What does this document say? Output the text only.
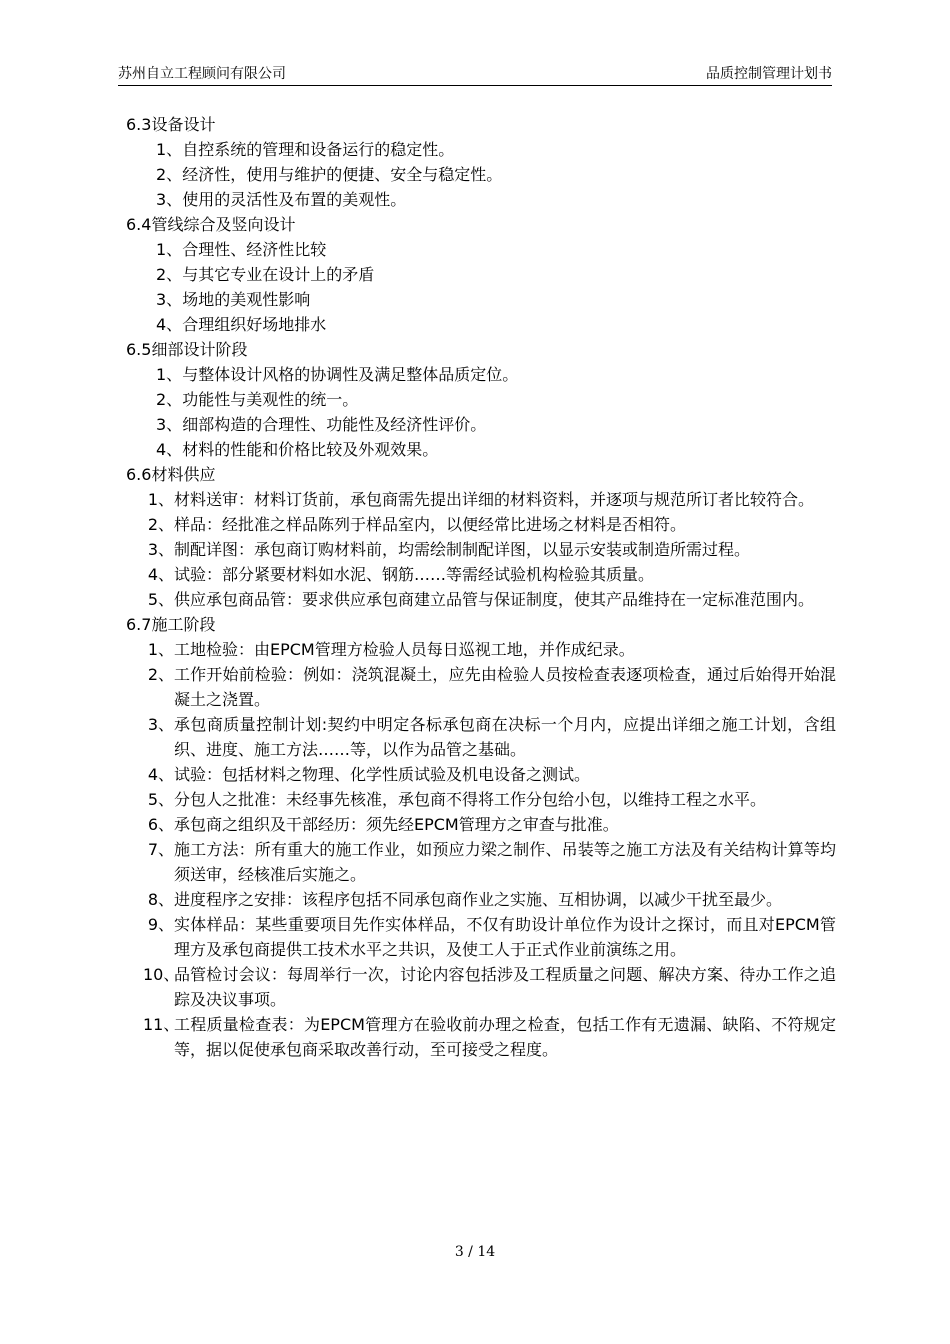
苏州自立工程顾问有限公司	品质控制管理计划书
6.3设备设计
1、 自控系统的管理和设备运行的稳定性。
2、 经济性，使用与维护的便捷、安全与稳定性。
3、 使用的灵活性及布置的美观性。
6.4管线综合及竖向设计
1、 合理性、经济性比较
2、 与其它专业在设计上的矛盾
3、 场地的美观性影响
4、 合理组织好场地排水
6.5细部设计阶段
1、 与整体设计风格的协调性及满足整体品质定位。
2、 功能性与美观性的统一。
3、 细部构造的合理性、功能性及经济性评价。
4、 材料的性能和价格比较及外观效果。
6.6材料供应
1、 材料送审：材料订货前，承包商需先提出详细的材料资料，并逐项与规范所订者比较符合。
2、 样品：经批准之样品陈列于样品室内，以便经常比进场之材料是否相符。
3、 制配详图：承包商订购材料前，均需绘制制配详图，以显示安装或制造所需过程。
4、 试验：部分紧要材料如水泥、钢筋……等需经试验机构检验其质量。
5、 供应承包商品管：要求供应承包商建立品管与保证制度，使其产品维持在一定标准范围内。
6.7施工阶段
1、 工地检验：由EPCM管理方检验人员每日巡视工地，并作成纪录。
2、 工作开始前检验：例如：浇筑混凝土，应先由检验人员按检查表逐项检查，通过后始得开始混凝土之浇置。
3、 承包商质量控制计划:契约中明定各标承包商在决标一个月内，应提出详细之施工计划，含组织、进度、施工方法……等，以作为品管之基础。
4、 试验：包括材料之物理、化学性质试验及机电设备之测试。
5、 分包人之批准：未经事先核准，承包商不得将工作分包给小包，以维持工程之水平。
6、 承包商之组织及干部经历：须先经EPCM管理方之审查与批准。
7、 施工方法：所有重大的施工作业，如预应力梁之制作、吊装等之施工方法及有关结构计算等均须送审，经核准后实施之。
8、 进度程序之安排：该程序包括不同承包商作业之实施、互相协调，以减少干扰至最少。
9、 实体样品：某些重要项目先作实体样品，不仅有助设计单位作为设计之探讨，而且对EPCM管理方及承包商提供工技术水平之共识，及使工人于正式作业前演练之用。
10、
品管检讨会议：每周举行一次，讨论内容包括涉及工程质量之问题、解决方案、待办工作之追踪及决议事项。
11、
工程质量检查表：为EPCM管理方在验收前办理之检查，包括工作有无遗漏、缺陷、不符规定等，据以促使承包商采取改善行动，至可接受之程度。
3 / 14
